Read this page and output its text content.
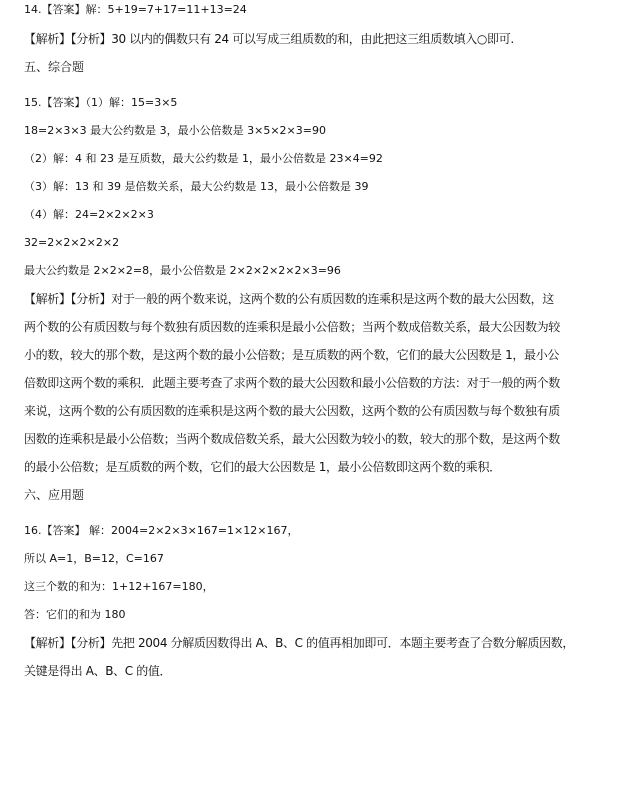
14.【答案】解：5+19=7+17=11+13=24
【解析】【分析】30 以内的偶数只有 24 可以写成三组质数的和，由此把这三组质数填入○即可.
五、综合题
15.【答案】（1）解：15=3×5
18=2×3×3 最大公约数是 3，最小公倍数是 3×5×2×3=90
（2）解：4 和 23 是互质数，最大公约数是 1，最小公倍数是 23×4=92
（3）解：13 和 39 是倍数关系，最大公约数是 13，最小公倍数是 39
（4）解：24=2×2×2×3
32=2×2×2×2×2
最大公约数是 2×2×2=8，最小公倍数是 2×2×2×2×2×3=96
【解析】【分析】对于一般的两个数来说，这两个数的公有质因数的连乘积是这两个数的最大公因数，这
两个数的公有质因数与每个数独有质因数的连乘积是最小公倍数；当两个数成倍数关系，最大公因数为较
小的数，较大的那个数，是这两个数的最小公倍数；是互质数的两个数，它们的最大公因数是 1，最小公
倍数即这两个数的乘积．此题主要考查了求两个数的最大公因数和最小公倍数的方法：对于一般的两个数
来说，这两个数的公有质因数的连乘积是这两个数的最大公因数，这两个数的公有质因数与每个数独有质
因数的连乘积是最小公倍数；当两个数成倍数关系，最大公因数为较小的数，较大的那个数，是这两个数
的最小公倍数；是互质数的两个数，它们的最大公因数是 1，最小公倍数即这两个数的乘积．
六、应用题
16.【答案】 解：2004=2×2×3×167=1×12×167，
所以 A=1，B=12，C=167
这三个数的和为：1+12+167=180，
答：它们的和为 180
【解析】【分析】先把 2004 分解质因数得出 A、B、C 的值再相加即可．本题主要考查了合数分解质因数，
关键是得出 A、B、C 的值．
